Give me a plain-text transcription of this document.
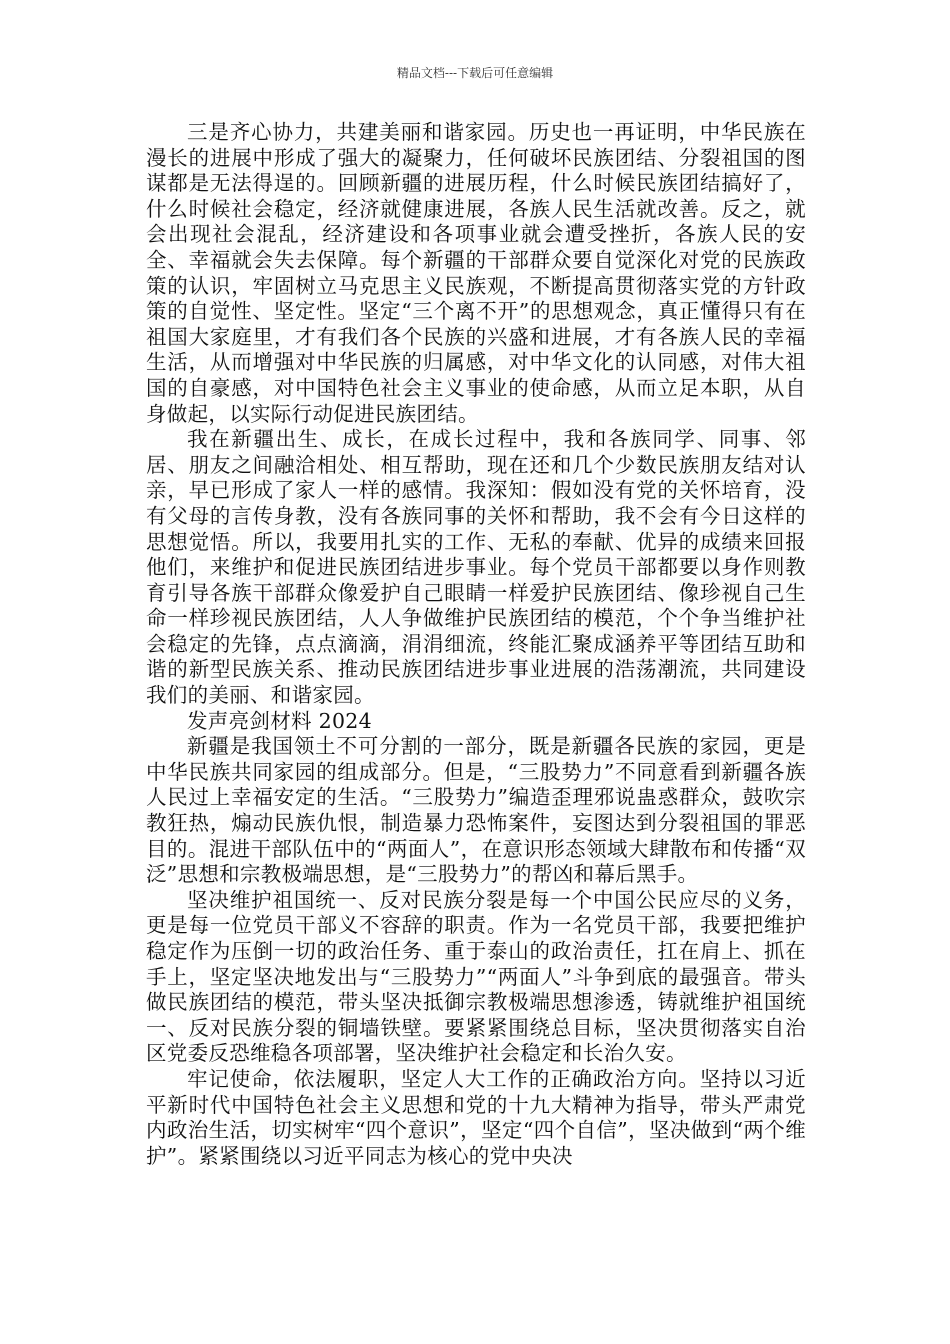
精品文档---下载后可任意编辑

三是齐心协力，共建美丽和谐家园。历史也一再证明，中华民族在漫长的进展中形成了强大的凝聚力，任何破坏民族团结、分裂祖国的图谋都是无法得逞的。回顾新疆的进展历程，什么时候民族团结搞好了，什么时候社会稳定，经济就健康进展，各族人民生活就改善。反之，就会出现社会混乱，经济建设和各项事业就会遭受挫折，各族人民的安全、幸福就会失去保障。每个新疆的干部群众要自觉深化对党的民族政策的认识，牢固树立马克思主义民族观，不断提高贯彻落实党的方针政策的自觉性、坚定性。坚定“三个离不开”的思想观念，真正懂得只有在祖国大家庭里，才有我们各个民族的兴盛和进展，才有各族人民的幸福生活，从而增强对中华民族的归属感，对中华文化的认同感，对伟大祖国的自豪感，对中国特色社会主义事业的使命感，从而立足本职，从自身做起，以实际行动促进民族团结。

我在新疆出生、成长，在成长过程中，我和各族同学、同事、邻居、朋友之间融洽相处、相互帮助，现在还和几个少数民族朋友结对认亲，早已形成了家人一样的感情。我深知：假如没有党的关怀培育，没有父母的言传身教，没有各族同事的关怀和帮助，我不会有今日这样的思想觉悟。所以，我要用扎实的工作、无私的奉献、优异的成绩来回报他们，来维护和促进民族团结进步事业。每个党员干部都要以身作则教育引导各族干部群众像爱护自己眼睛一样爱护民族团结、像珍视自己生命一样珍视民族团结，人人争做维护民族团结的模范，个个争当维护社会稳定的先锋，点点滴滴，涓涓细流，终能汇聚成涵养平等团结互助和谐的新型民族关系、推动民族团结进步事业进展的浩荡潮流，共同建设我们的美丽、和谐家园。

发声亮剑材料 2024

新疆是我国领土不可分割的一部分，既是新疆各民族的家园，更是中华民族共同家园的组成部分。但是，“三股势力”不同意看到新疆各族人民过上幸福安定的生活。“三股势力”编造歪理邪说蛊惑群众，鼓吹宗教狂热，煽动民族仇恨，制造暴力恐怖案件，妄图达到分裂祖国的罪恶目的。混进干部队伍中的“两面人”，在意识形态领域大肆散布和传播“双泛”思想和宗教极端思想，是“三股势力”的帮凶和幕后黑手。

坚决维护祖国统一、反对民族分裂是每一个中国公民应尽的义务，更是每一位党员干部义不容辞的职责。作为一名党员干部，我要把维护稳定作为压倒一切的政治任务、重于泰山的政治责任，扛在肩上、抓在手上，坚定坚决地发出与“三股势力”“两面人”斗争到底的最强音。带头做民族团结的模范，带头坚决抵御宗教极端思想渗透，铸就维护祖国统一、反对民族分裂的铜墙铁壁。要紧紧围绕总目标，坚决贯彻落实自治区党委反恐维稳各项部署，坚决维护社会稳定和长治久安。

牢记使命，依法履职，坚定人大工作的正确政治方向。坚持以习近平新时代中国特色社会主义思想和党的十九大精神为指导，带头严肃党内政治生活，切实树牢“四个意识”，坚定“四个自信”，坚决做到“两个维护”。紧紧围绕以习近平同志为核心的党中央决
